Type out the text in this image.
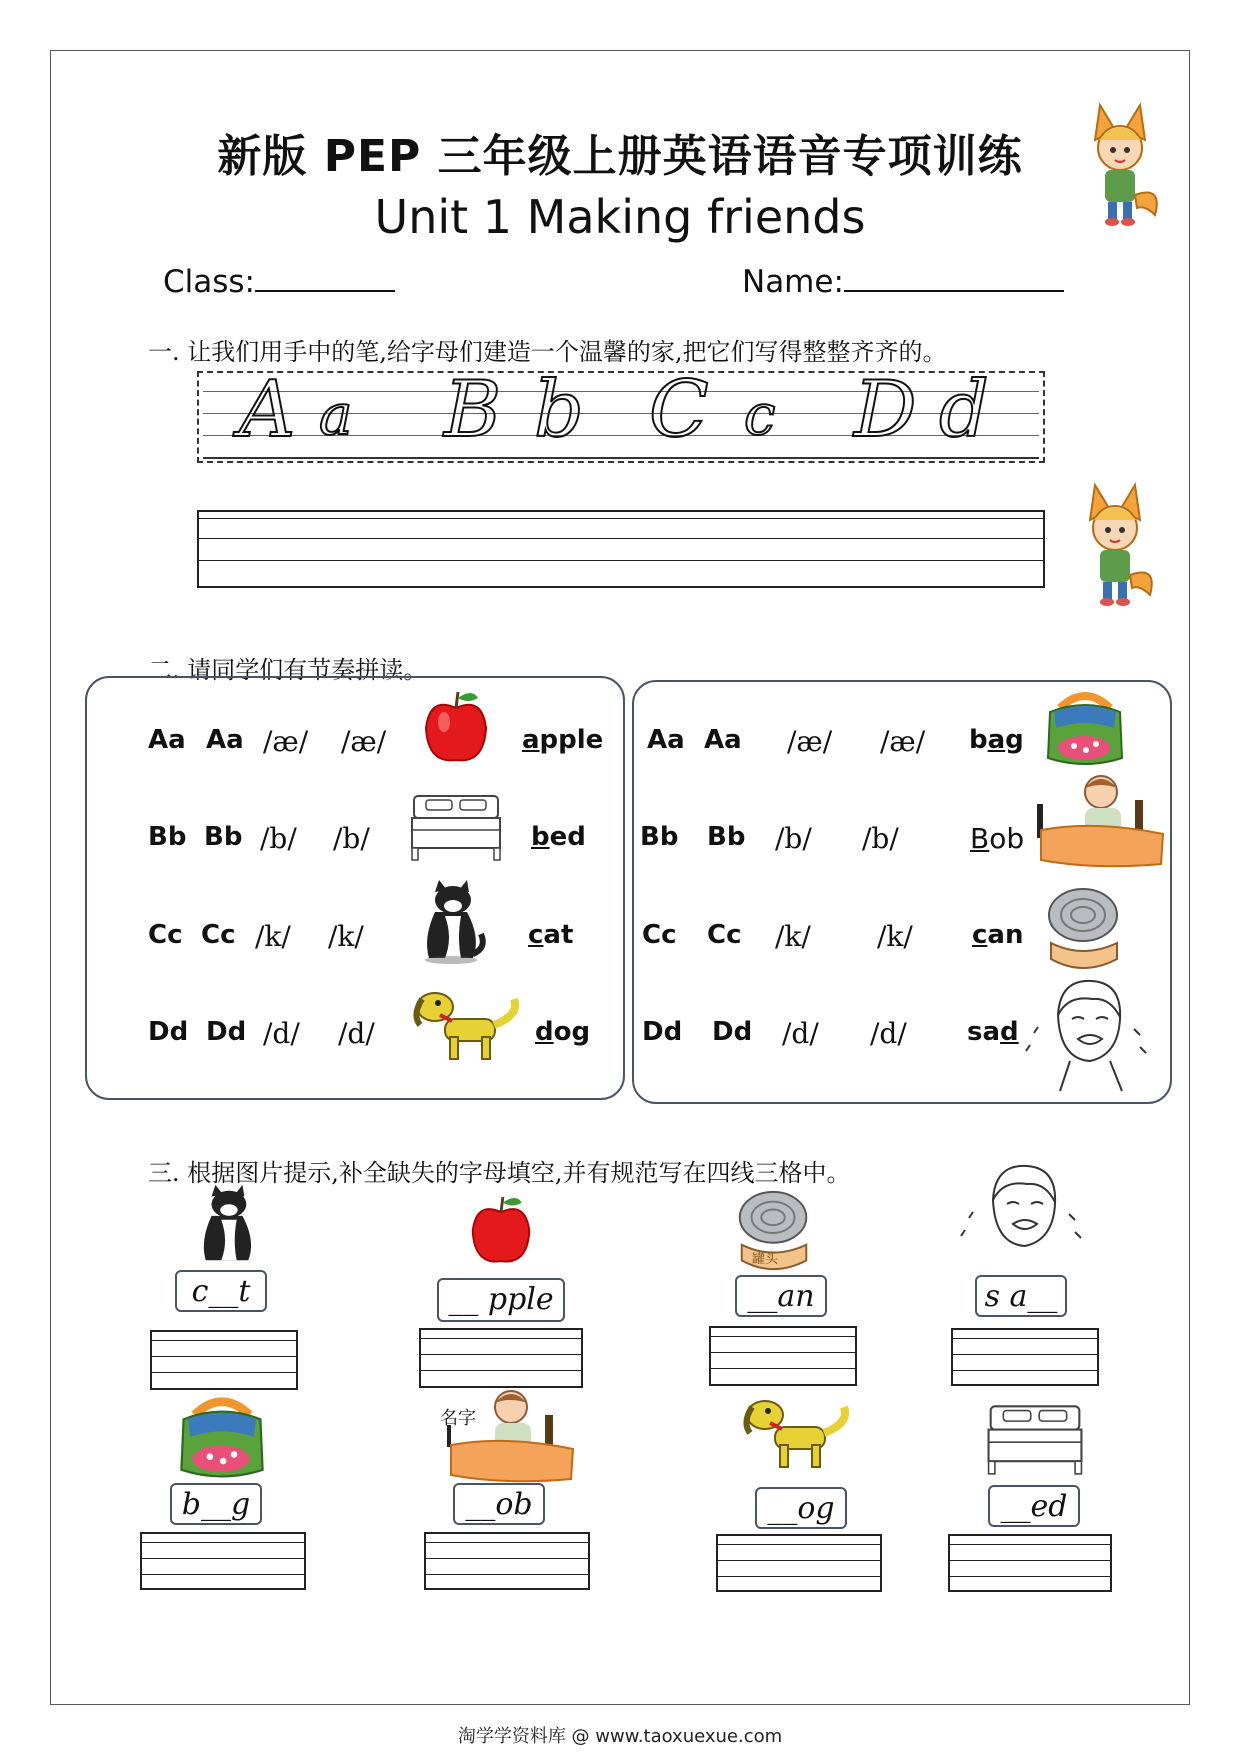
新版 PEP 三年级上册英语语音专项训练
Unit 1 Making friends
Class:	Name:
一. 让我们用手中的笔,给字母们建造一个温馨的家,把它们写得整整齐齐的。
A a B b C c D d
二. 请同学们有节奏拼读。
Aa Aa /æ/ /æ/	apple
Bb Bb /b/ /b/	bed
Cc Cc /k/ /k/	cat
Dd Dd /d/ /d/	dog
Aa Aa /æ/ /æ/ bag
Bb Bb /b/ /b/	Bob
Cc Cc /k/ /k/ can
Dd Dd /d/ /d/ sad
三. 根据图片提示,补全缺失的字母填空,并有规范写在四线三格中。
罐头
c__t	__ pple	__an	s a__
名字
b__g	__ob	__og	__ed
淘学学资料库 @ www.taoxuexue.com
